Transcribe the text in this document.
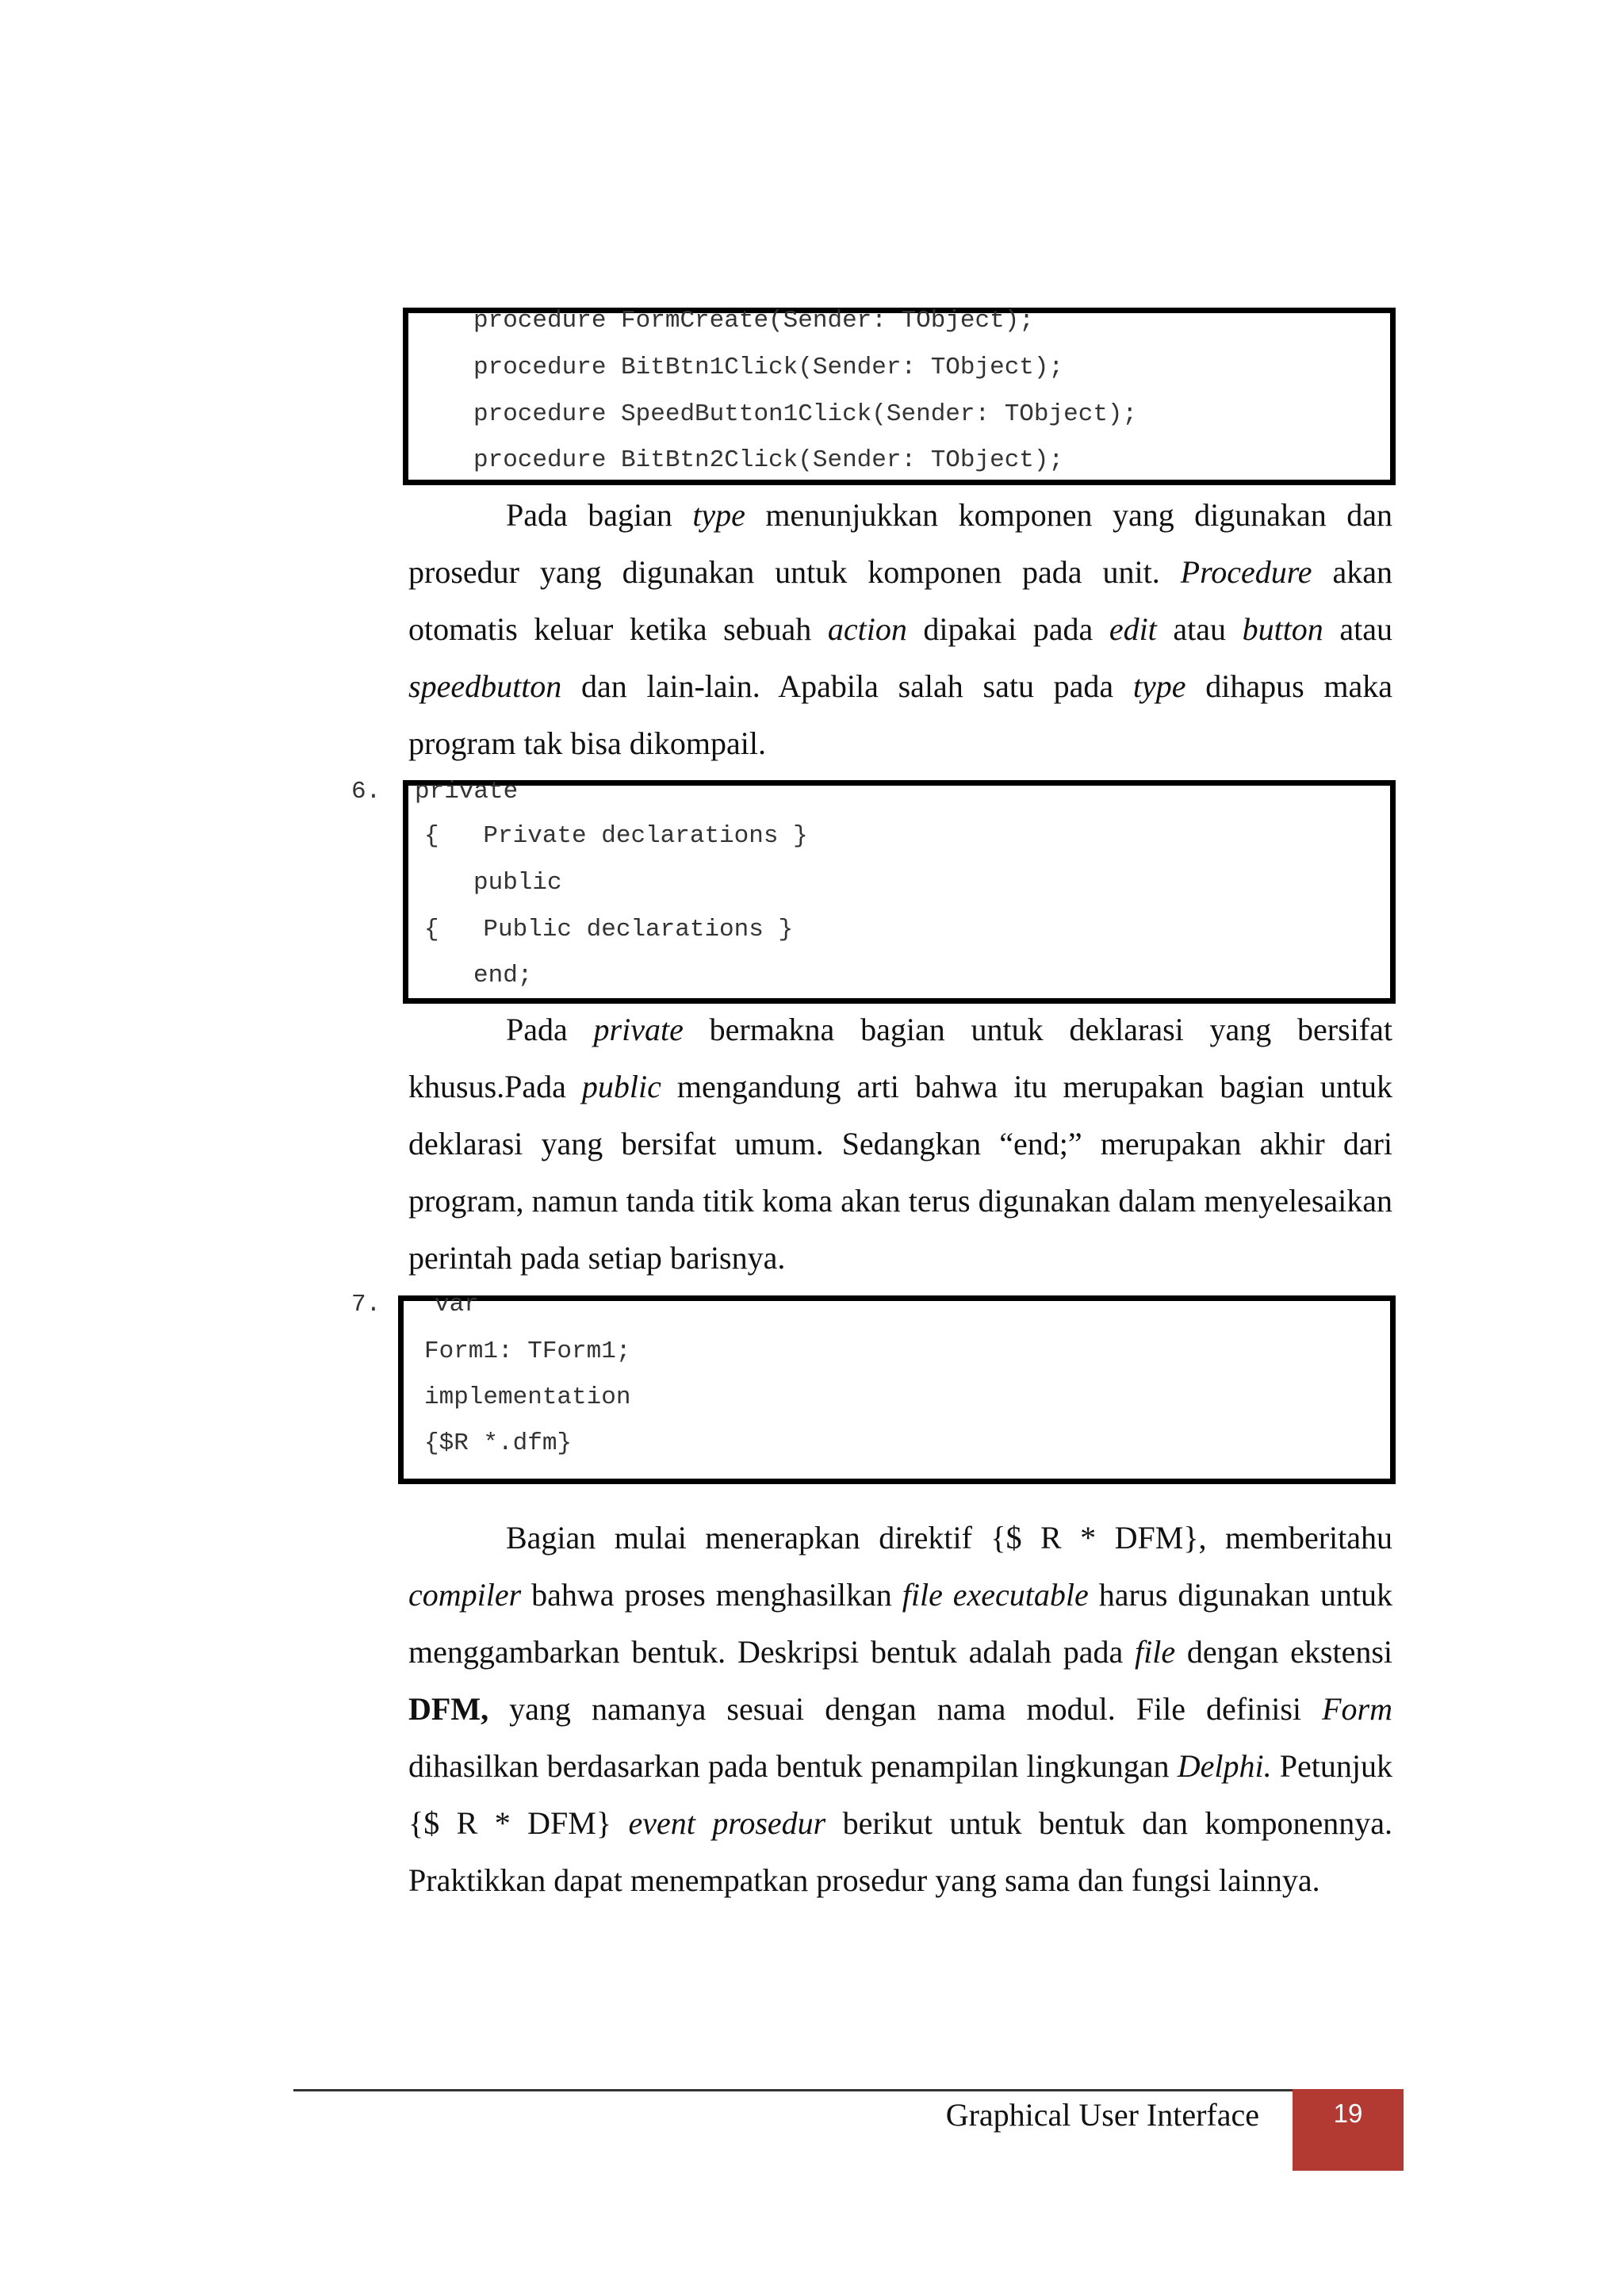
procedure FormCreate(Sender: TObject);
procedure BitBtn1Click(Sender: TObject);
procedure SpeedButton1Click(Sender: TObject);
procedure BitBtn2Click(Sender: TObject);

Pada bagian type menunjukkan komponen yang digunakan dan prosedur yang digunakan untuk komponen pada unit. Procedure akan otomatis keluar ketika sebuah action dipakai pada edit atau button atau speedbutton dan lain-lain. Apabila salah satu pada type dihapus maka program tak bisa dikompail.

6. private
{   Private declarations }
public
{   Public declarations }
end;

Pada private bermakna bagian untuk deklarasi yang bersifat khusus.Pada public mengandung arti bahwa itu merupakan bagian untuk deklarasi yang bersifat umum. Sedangkan “end;” merupakan akhir dari program, namun tanda titik koma akan terus digunakan dalam menyelesaikan perintah pada setiap barisnya.

7. var
Form1: TForm1;
implementation
{$R *.dfm}

Bagian mulai menerapkan direktif {$ R * DFM}, memberitahu compiler bahwa proses menghasilkan file executable harus digunakan untuk menggambarkan bentuk. Deskripsi bentuk adalah pada file dengan ekstensi DFM, yang namanya sesuai dengan nama modul. File definisi Form dihasilkan berdasarkan pada bentuk penampilan lingkungan Delphi. Petunjuk {$ R * DFM} event prosedur berikut untuk bentuk dan komponennya. Praktikkan dapat menempatkan prosedur yang sama dan fungsi lainnya.

Graphical User Interface	19
